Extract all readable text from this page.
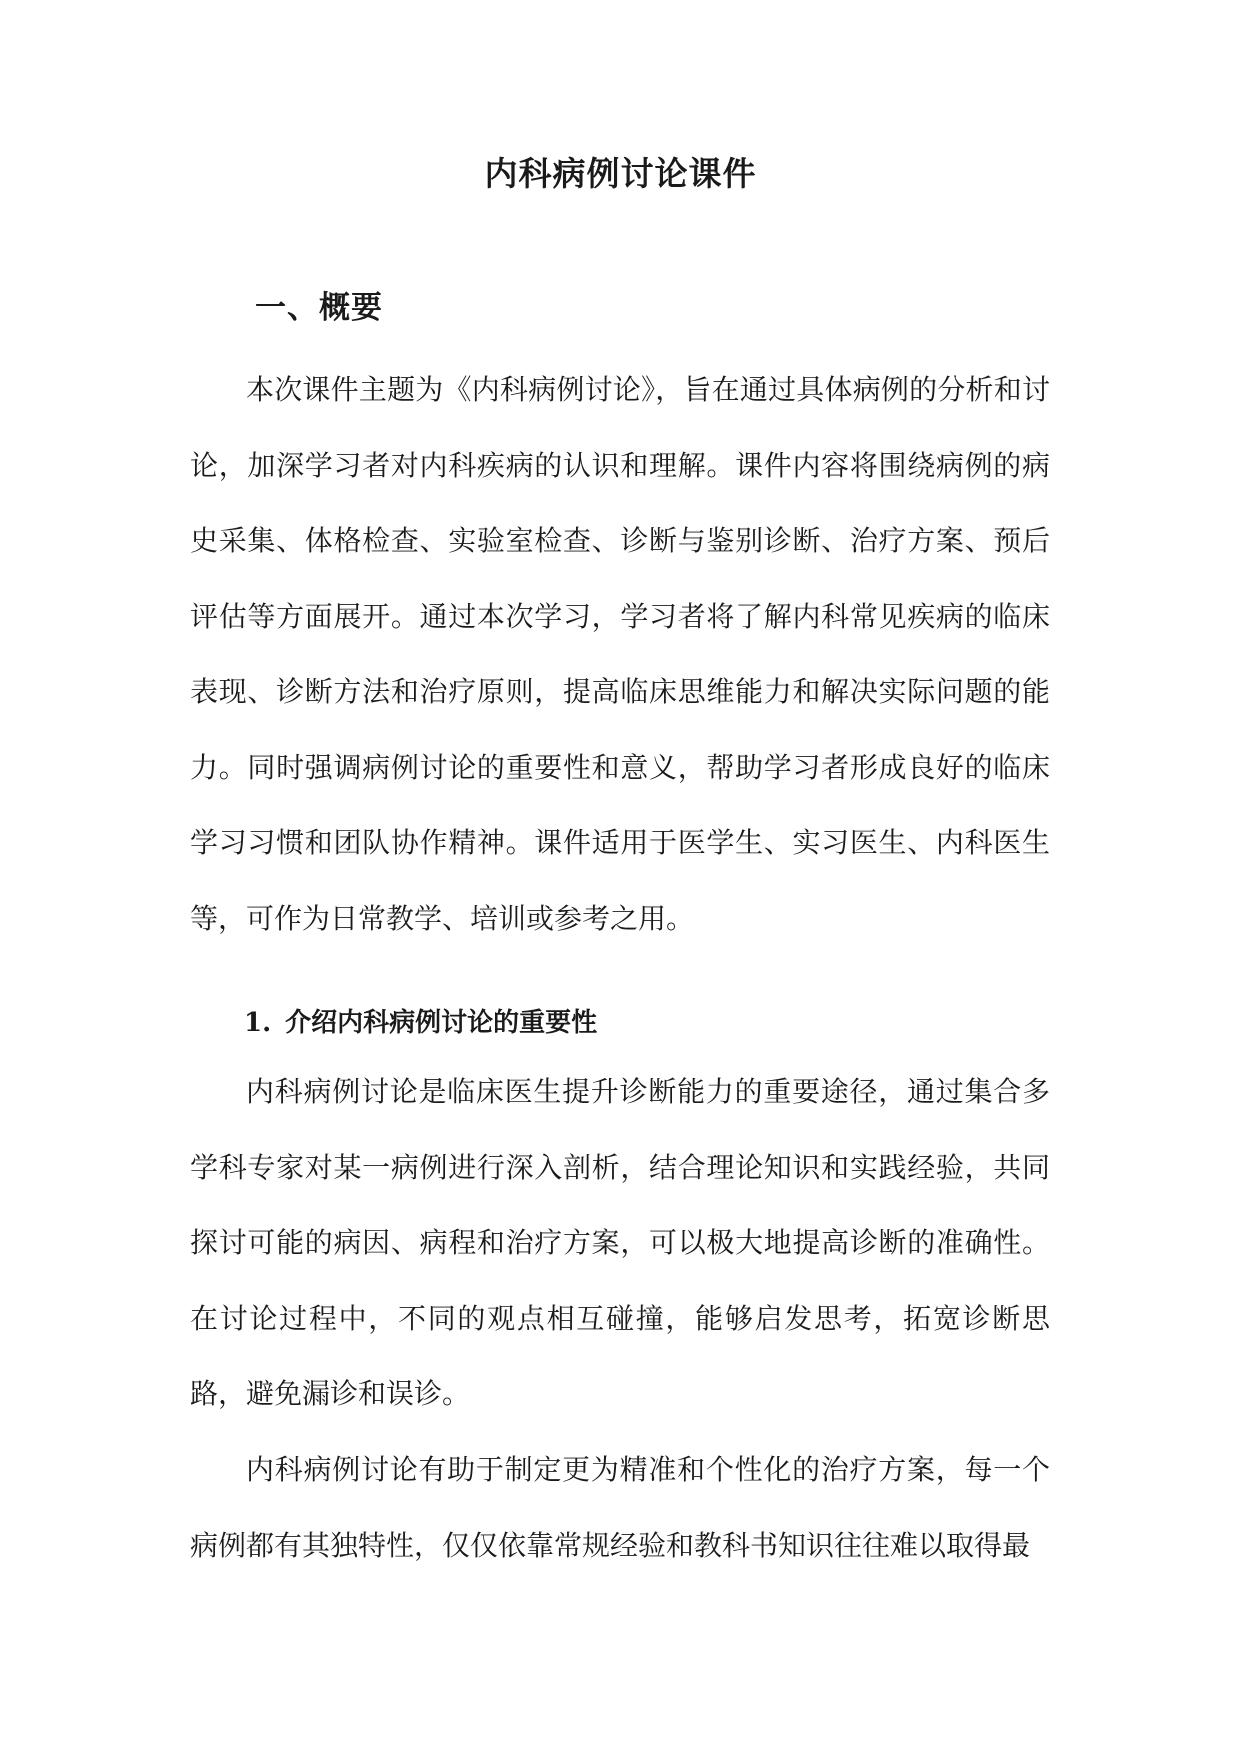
内科病例讨论课件
一、概要

本次课件主题为《内科病例讨论》，旨在通过具体病例的分析和讨论，加深学习者对内科疾病的认识和理解。课件内容将围绕病例的病史采集、体格检查、实验室检查、诊断与鉴别诊断、治疗方案、预后评估等方面展开。通过本次学习，学习者将了解内科常见疾病的临床表现、诊断方法和治疗原则，提高临床思维能力和解决实际问题的能力。同时强调病例讨论的重要性和意义，帮助学习者形成良好的临床学习习惯和团队协作精神。课件适用于医学生、实习医生、内科医生等，可作为日常教学、培训或参考之用。

1. 介绍内科病例讨论的重要性

内科病例讨论是临床医生提升诊断能力的重要途径，通过集合多学科专家对某一病例进行深入剖析，结合理论知识和实践经验，共同探讨可能的病因、病程和治疗方案，可以极大地提高诊断的准确性。在讨论过程中，不同的观点相互碰撞，能够启发思考，拓宽诊断思路，避免漏诊和误诊。

内科病例讨论有助于制定更为精准和个性化的治疗方案，每一个病例都有其独特性，仅仅依靠常规经验和教科书知识往往难以取得最
